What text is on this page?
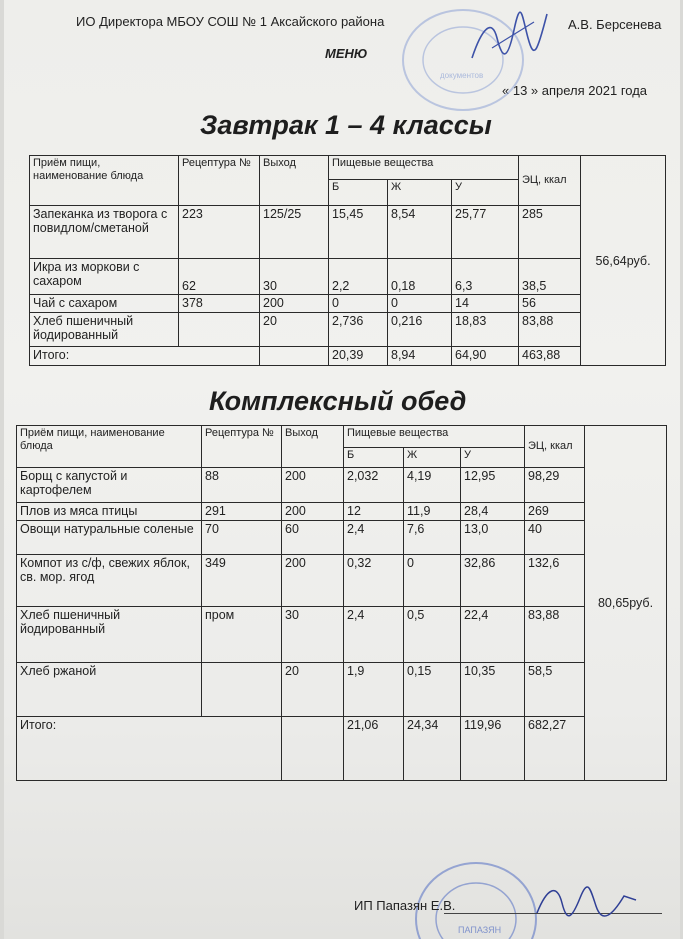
ИО Директора МБОУ СОШ № 1 Аксайского района	А.В. Берсенева
МЕНЮ
« 13 » апреля 2021 года
документов
Завтрак 1 – 4 классы
Приём пищи, наименование блюда	Рецептура №	Выход	Пищевые вещества			ЭЦ, ккал	56,64руб.
			Б	Ж	У		
Запеканка из творога с повидлом/сметаной	223	125/25	15,45	8,54	25,77	285	
Икра из моркови с сахаром	62	30	2,2	0,18	6,3	38,5	
Чай с сахаром	378	200	0	0	14	56	
Хлеб пшеничный йодированный		20	2,736	0,216	18,83	83,88	
Итого:			20,39	8,94	64,90	463,88	
Комплексный обед
Приём пищи, наименование блюда	Рецептура №	Выход	Пищевые вещества			ЭЦ, ккал	80,65руб.
			Б	Ж	У		
Борщ с капустой и картофелем	88	200	2,032	4,19	12,95	98,29	
Плов из мяса птицы	291	200	12	11,9	28,4	269	
Овощи натуральные соленые	70	60	2,4	7,6	13,0	40	
Компот из с/ф, свежих яблок, св. мор. ягод	349	200	0,32	0	32,86	132,6	
Хлеб пшеничный йодированный	пром	30	2,4	0,5	22,4	83,88	
Хлеб ржаной		20	1,9	0,15	10,35	58,5	
Итого:			21,06	24,34	119,96	682,27	
ПАПАЗЯН
ИП Папазян Е.В.
